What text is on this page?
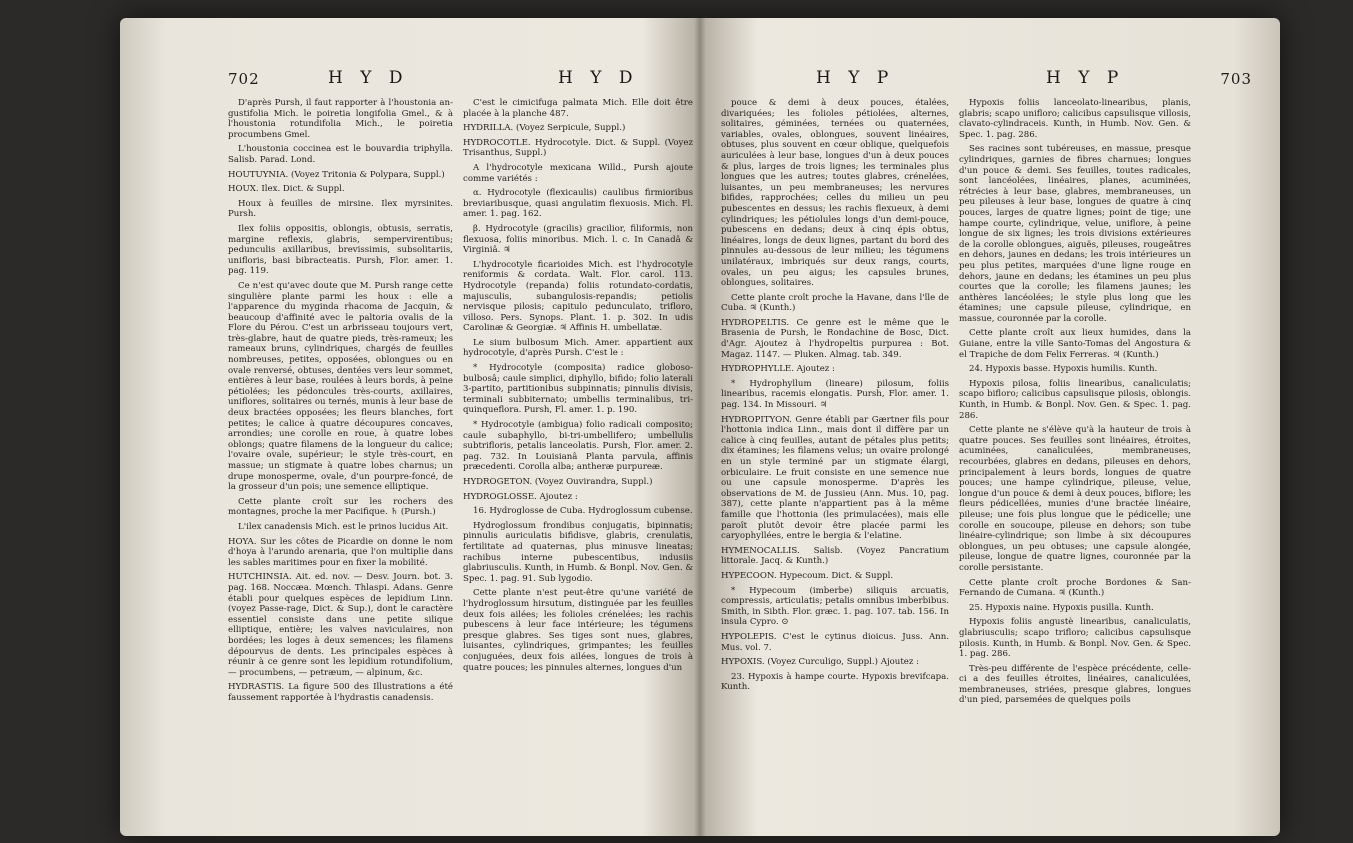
702	H Y D	H Y D

D'après Pursh, il faut rapporter à l'houstonia an-gustifolia Mich. le poiretia longifolia Gmel., & à l'houstonia rotundifolia Mich., le poiretia procumbens Gmel.

L'houstonia coccinea est le bouvardia triphylla. Salisb. Parad. Lond.

HOUTUYNIA. (Voyez Tritonia & Polypara, Suppl.)

HOUX. Ilex. Dict. & Suppl.

Houx à feuilles de mirsine. Ilex myrsinites. Pursh.

Ilex foliis oppositis, oblongis, obtusis, serratis, margine reflexis, glabris, sempervirentibus; pedunculis axillaribus, brevissimis, subsolitariis, unifloris, basi bibracteatis. Pursh, Flor. amer. 1. pag. 119.

Ce n'est qu'avec doute que M. Pursh range cette singulière plante parmi les houx : elle a l'apparence du myginda rhacoma de Jacquin, & beaucoup d'affinité avec le paltoria ovalis de la Flore du Pérou. C'est un arbrisseau toujours vert, très-glabre, haut de quatre pieds, très-rameux; les rameaux bruns, cylindriques, chargés de feuilles nombreuses, petites, opposées, oblongues ou en ovale renversé, obtuses, dentées vers leur sommet, entières à leur base, roulées à leurs bords, à peine pétiolées; les pédoncules très-courts, axillaires, uniflores, solitaires ou ternés, munis à leur base de deux bractées opposées; les fleurs blanches, fort petites; le calice à quatre découpures concaves, arrondies; une corolle en roue, à quatre lobes oblongs; quatre filamens de la longueur du calice; l'ovaire ovale, supérieur; le style très-court, en massue; un stigmate à quatre lobes charnus; un drupe monosperme, ovale, d'un pourpre-foncé, de la grosseur d'un pois; une semence elliptique.

Cette plante croît sur les rochers des montagnes, proche la mer Pacifique. ♄ (Pursh.)

L'ilex canadensis Mich. est le prinos lucidus Ait.

HOYA. Sur les côtes de Picardie on donne le nom d'hoya à l'arundo arenaria, que l'on multiplie dans les sables maritimes pour en fixer la mobilité.

HUTCHINSIA. Ait. ed. nov. — Desv. Journ. bot. 3. pag. 168. Noccæa. Mœnch. Thlaspi. Adans. Genre établi pour quelques espèces de lepidium Linn. (voyez Passe-rage, Dict. & Sup.), dont le caractère essentiel consiste dans une petite silique elliptique, entière; les valves naviculaires, non bordées; les loges à deux semences; les filamens dépourvus de dents. Les principales espèces à réunir à ce genre sont les lepidium rotundifolium, — procumbens, — petræum, — alpinum, &c.

HYDRASTIS. La figure 500 des Illustrations a été faussement rapportée à l'hydrastis canadensis.

C'est le cimicifuga palmata Mich. Elle doit être placée à la planche 487.

HYDRILLA. (Voyez Serpicule, Suppl.)

HYDROCOTLE. Hydrocotyle. Dict. & Suppl. (Voyez Trisanthus, Suppl.)

A l'hydrocotyle mexicana Willd., Pursh ajoute comme variétés :

α. Hydrocotyle (flexicaulis) caulibus firmioribus breviaribusque, quasi angulatim flexuosis. Mich. Fl. amer. 1. pag. 162.

β. Hydrocotyle (gracilis) gracilior, filiformis, non flexuosa, foliis minoribus. Mich. l. c. In Canadâ & Virginiâ. ♃

L'hydrocotyle ficarioides Mich. est l'hydrocotyle reniformis & cordata. Walt. Flor. carol. 113. Hydrocotyle (repanda) foliis rotundato-cordatis, majusculis, subangulosis-repandis; petiolis nervisque pilosis; capitulo pedunculato, trifloro, villoso. Pers. Synops. Plant. 1. p. 302. In udis Carolinæ & Georgiæ. ♃ Affinis H. umbellatæ.

Le sium bulbosum Mich. Amer. appartient aux hydrocotyle, d'après Pursh. C'est le :

* Hydrocotyle (composita) radice globoso-bulbosâ; caule simplici, diphyllo, bifido; folio laterali 3-partito, partitionibus subpinnatis; pinnulis divisis, terminali subbiternato; umbellis terminalibus, tri-quinqueflora. Pursh, Fl. amer. 1. p. 190.

* Hydrocotyle (ambigua) folio radicali composito; caule subaphyllo, bi-tri-umbellifero; umbellulis subtrifloris, petalis lanceolatis. Pursh, Flor. amer. 2. pag. 732. In Louisianâ Planta parvula, affinis præcedenti. Corolla alba; antheræ purpureæ.

HYDROGETON. (Voyez Ouvirandra, Suppl.)

HYDROGLOSSE. Ajoutez :

16. Hydroglosse de Cuba. Hydroglossum cubense.

Hydroglossum frondibus conjugatis, bipinnatis; pinnulis auriculatis bifidisve, glabris, crenulatis, fertilitate ad quaternas, plus minusve lineatas; rachibus interne pubescentibus, indusiis glabriusculis. Kunth, in Humb. & Bonpl. Nov. Gen. & Spec. 1. pag. 91. Sub lygodio.

Cette plante n'est peut-être qu'une variété de l'hydroglossum hirsutum, distinguée par les feuilles deux fois ailées; les folioles crénelées; les rachis pubescens à leur face intérieure; les tégumens presque glabres. Ses tiges sont nues, glabres, luisantes, cylindriques, grimpantes; les feuilles conjuguées, deux fois ailées, longues de trois à quatre pouces; les pinnules alternes, longues d'un

H Y P	H Y P	703

pouce & demi à deux pouces, étalées, divariquées; les folioles pétiolées, alternes, solitaires, géminées, ternées ou quaternées, variables, ovales, oblongues, souvent linéaires, obtuses, plus souvent en cœur oblique, quelquefois auriculées à leur base, longues d'un à deux pouces & plus, larges de trois lignes; les terminales plus longues que les autres; toutes glabres, crénelées, luisantes, un peu membraneuses; les nervures bifides, rapprochées; celles du milieu un peu pubescentes en dessus; les rachis flexueux, à demi cylindriques; les pétiolules longs d'un demi-pouce, pubescens en dedans; deux à cinq épis obtus, linéaires, longs de deux lignes, partant du bord des pinnules au-dessous de leur milieu; les tégumens unilatéraux, imbriqués sur deux rangs, courts, ovales, un peu aigus; les capsules brunes, oblongues, solitaires.

Cette plante croît proche la Havane, dans l'île de Cuba. ♃ (Kunth.)

HYDROPELTIS. Ce genre est le même que le Brasenia de Pursh, le Rondachine de Bosc, Dict. d'Agr. Ajoutez à l'hydropeltis purpurea : Bot. Magaz. 1147. — Pluken. Almag. tab. 349.

HYDROPHYLLE. Ajoutez :

* Hydrophyllum (lineare) pilosum, foliis linearibus, racemis elongatis. Pursh, Flor. amer. 1. pag. 134. In Missouri. ♃

HYDROPITYON. Genre établi par Gærtner fils pour l'hottonia indica Linn., mais dont il diffère par un calice à cinq feuilles, autant de pétales plus petits; dix étamines; les filamens velus; un ovaire prolongé en un style terminé par un stigmate élargi, orbiculaire. Le fruit consiste en une semence nue ou une capsule monosperme. D'après les observations de M. de Jussieu (Ann. Mus. 10, pag. 387), cette plante n'appartient pas à la même famille que l'hottonia (les primulacées), mais elle paroît plutôt devoir être placée parmi les caryophyllées, entre le bergia & l'elatine.

HYMENOCALLIS. Salisb. (Voyez Pancratium littorale. Jacq. & Kunth.)

HYPECOON. Hypecoum. Dict. & Suppl.

* Hypecoum (imberbe) siliquis arcuatis, compressis, articulatis; petalis omnibus imberbibus. Smith, in Sibth. Flor. græc. 1. pag. 107. tab. 156. In insula Cypro. ⊙

HYPOLEPIS. C'est le cytinus dioicus. Juss. Ann. Mus. vol. 7.

HYPOXIS. (Voyez Curculigo, Suppl.) Ajoutez :

23. Hypoxis à hampe courte. Hypoxis brevifcapa. Kunth.

Hypoxis foliis lanceolato-linearibus, planis, glabris; scapo unifloro; calicibus capsulisque villosis, clavato-cylindraceis. Kunth, in Humb. Nov. Gen. & Spec. 1. pag. 286.

Ses racines sont tubéreuses, en massue, presque cylindriques, garnies de fibres charnues; longues d'un pouce & demi. Ses feuilles, toutes radicales, sont lancéolées, linéaires, planes, acuminées, rétrécies à leur base, glabres, membraneuses, un peu pileuses à leur base, longues de quatre à cinq pouces, larges de quatre lignes; point de tige; une hampe courte, cylindrique, velue, uniflore, à peine longue de six lignes; les trois divisions extérieures de la corolle oblongues, aiguës, pileuses, rougeâtres en dehors, jaunes en dedans; les trois intérieures un peu plus petites, marquées d'une ligne rouge en dehors, jaune en dedans; les étamines un peu plus courtes que la corolle; les filamens jaunes; les anthères lancéolées; le style plus long que les étamines; une capsule pileuse, cylindrique, en massue, couronnée par la corolle.

Cette plante croît aux lieux humides, dans la Guiane, entre la ville Santo-Tomas del Angostura & el Trapiche de dom Felix Ferreras. ♃ (Kunth.)

24. Hypoxis basse. Hypoxis humilis. Kunth.

Hypoxis pilosa, foliis linearibus, canaliculatis; scapo bifloro; calicibus capsulisque pilosis, oblongis. Kunth, in Humb. & Bonpl. Nov. Gen. & Spec. 1. pag. 286.

Cette plante ne s'élève qu'à la hauteur de trois à quatre pouces. Ses feuilles sont linéaires, étroites, acuminées, canaliculées, membraneuses, recourbées, glabres en dedans, pileuses en dehors, principalement à leurs bords, longues de quatre pouces; une hampe cylindrique, pileuse, velue, longue d'un pouce & demi à deux pouces, biflore; les fleurs pédicellées, munies d'une bractée linéaire, pileuse; une fois plus longue que le pédicelle; une corolle en soucoupe, pileuse en dehors; son tube linéaire-cylindrique; son limbe à six découpures oblongues, un peu obtuses; une capsule alongée, pileuse, longue de quatre lignes, couronnée par la corolle persistante.

Cette plante croît proche Bordones & San-Fernando de Cumana. ♃ (Kunth.)

25. Hypoxis naine. Hypoxis pusilla. Kunth.

Hypoxis foliis angustè linearibus, canaliculatis, glabriusculis; scapo trifloro; calicibus capsulisque pilosis. Kunth, in Humb. & Bonpl. Nov. Gen. & Spec. 1. pag. 286.

Très-peu différente de l'espèce précédente, celle-ci a des feuilles étroites, linéaires, canaliculées, membraneuses, striées, presque glabres, longues d'un pied, parsemées de quelques poils
